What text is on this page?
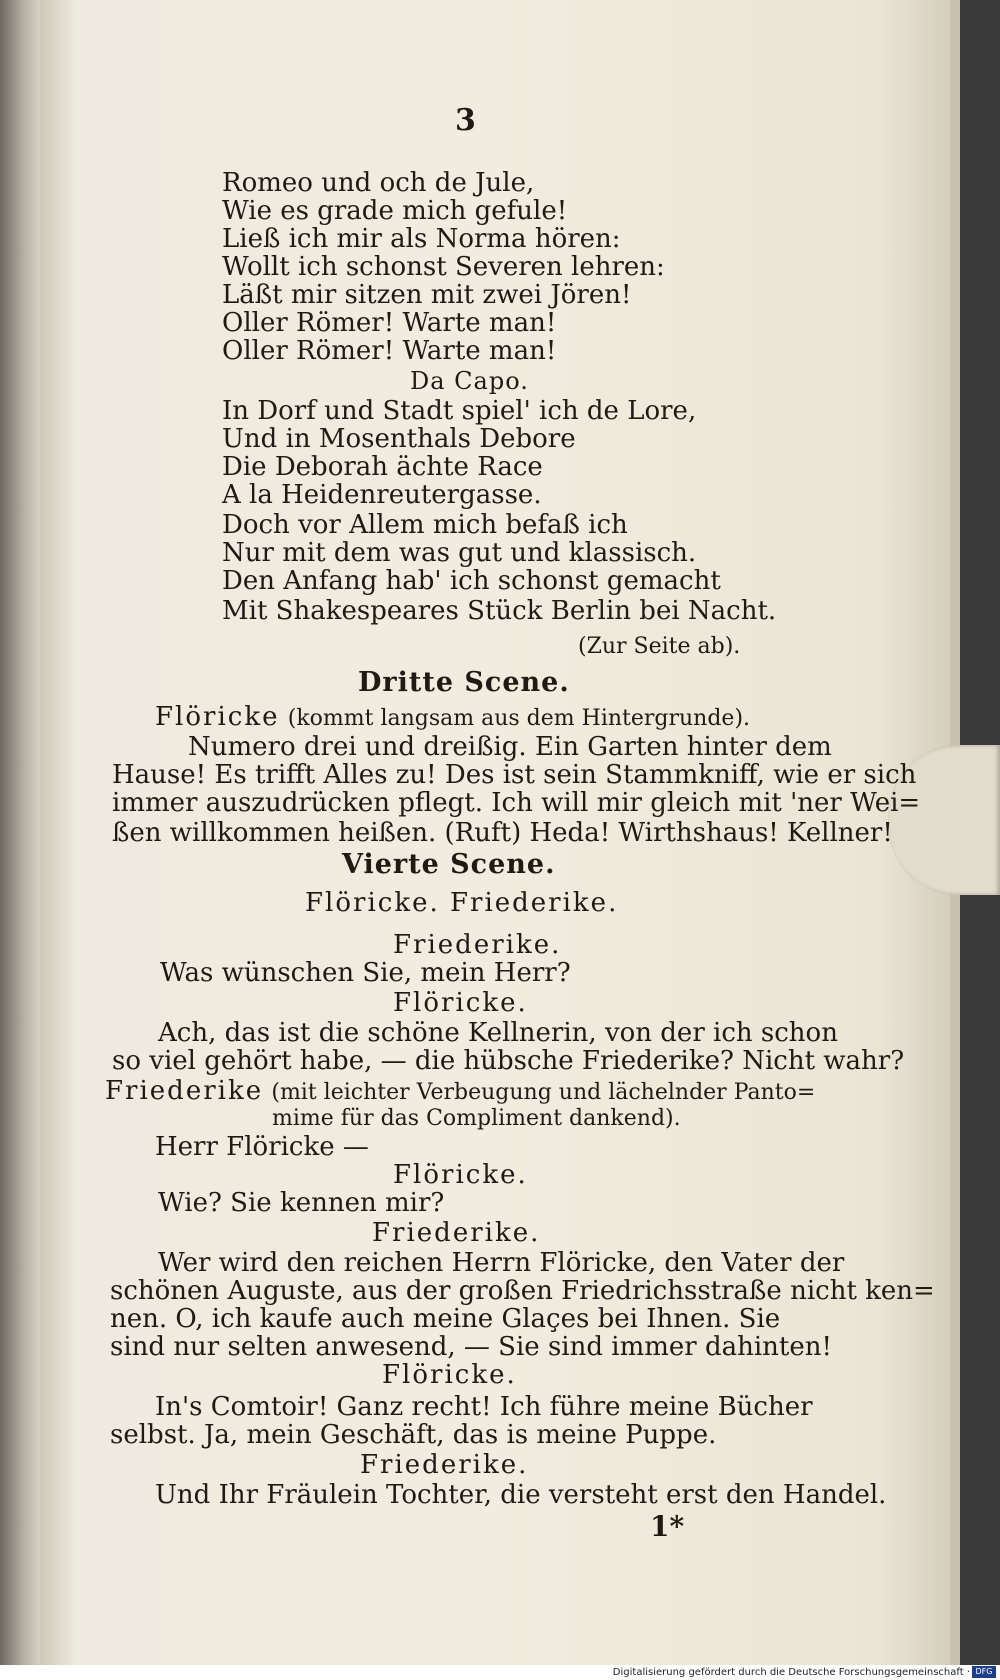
3
Romeo und och de Jule,
Wie es grade mich gefule!
Ließ ich mir als Norma hören:
Wollt ich schonst Severen lehren:
Läßt mir sitzen mit zwei Jören!
Oller Römer! Warte man!
Oller Römer! Warte man!
Da Capo.
In Dorf und Stadt spiel' ich de Lore,
Und in Mosenthals Debore
Die Deborah ächte Race
A la Heidenreutergasse.
Doch vor Allem mich befaß ich
Nur mit dem was gut und klassisch.
Den Anfang hab' ich schonst gemacht
Mit Shakespeares Stück Berlin bei Nacht.
(Zur Seite ab).
Dritte Scene.
Flöricke (kommt langsam aus dem Hintergrunde).
Numero drei und dreißig. Ein Garten hinter dem
Hause! Es trifft Alles zu! Des ist sein Stammkniff, wie er sich
immer auszudrücken pflegt. Ich will mir gleich mit 'ner Wei=
ßen willkommen heißen. (Ruft) Heda! Wirthshaus! Kellner!
Vierte Scene.
Flöricke. Friederike.
Friederike.
Was wünschen Sie, mein Herr?
Flöricke.
Ach, das ist die schöne Kellnerin, von der ich schon
so viel gehört habe, — die hübsche Friederike? Nicht wahr?
Friederike (mit leichter Verbeugung und lächelnder Panto=
mime für das Compliment dankend).
Herr Flöricke —
Flöricke.
Wie? Sie kennen mir?
Friederike.
Wer wird den reichen Herrn Flöricke, den Vater der
schönen Auguste, aus der großen Friedrichsstraße nicht ken=
nen. O, ich kaufe auch meine Glaçes bei Ihnen. Sie
sind nur selten anwesend, — Sie sind immer dahinten!
Flöricke.
In's Comtoir! Ganz recht! Ich führe meine Bücher
selbst. Ja, mein Geschäft, das is meine Puppe.
Friederike.
Und Ihr Fräulein Tochter, die versteht erst den Handel.
1*
Digitalisierung gefördert durch die Deutsche Forschungsgemeinschaft · DFG
